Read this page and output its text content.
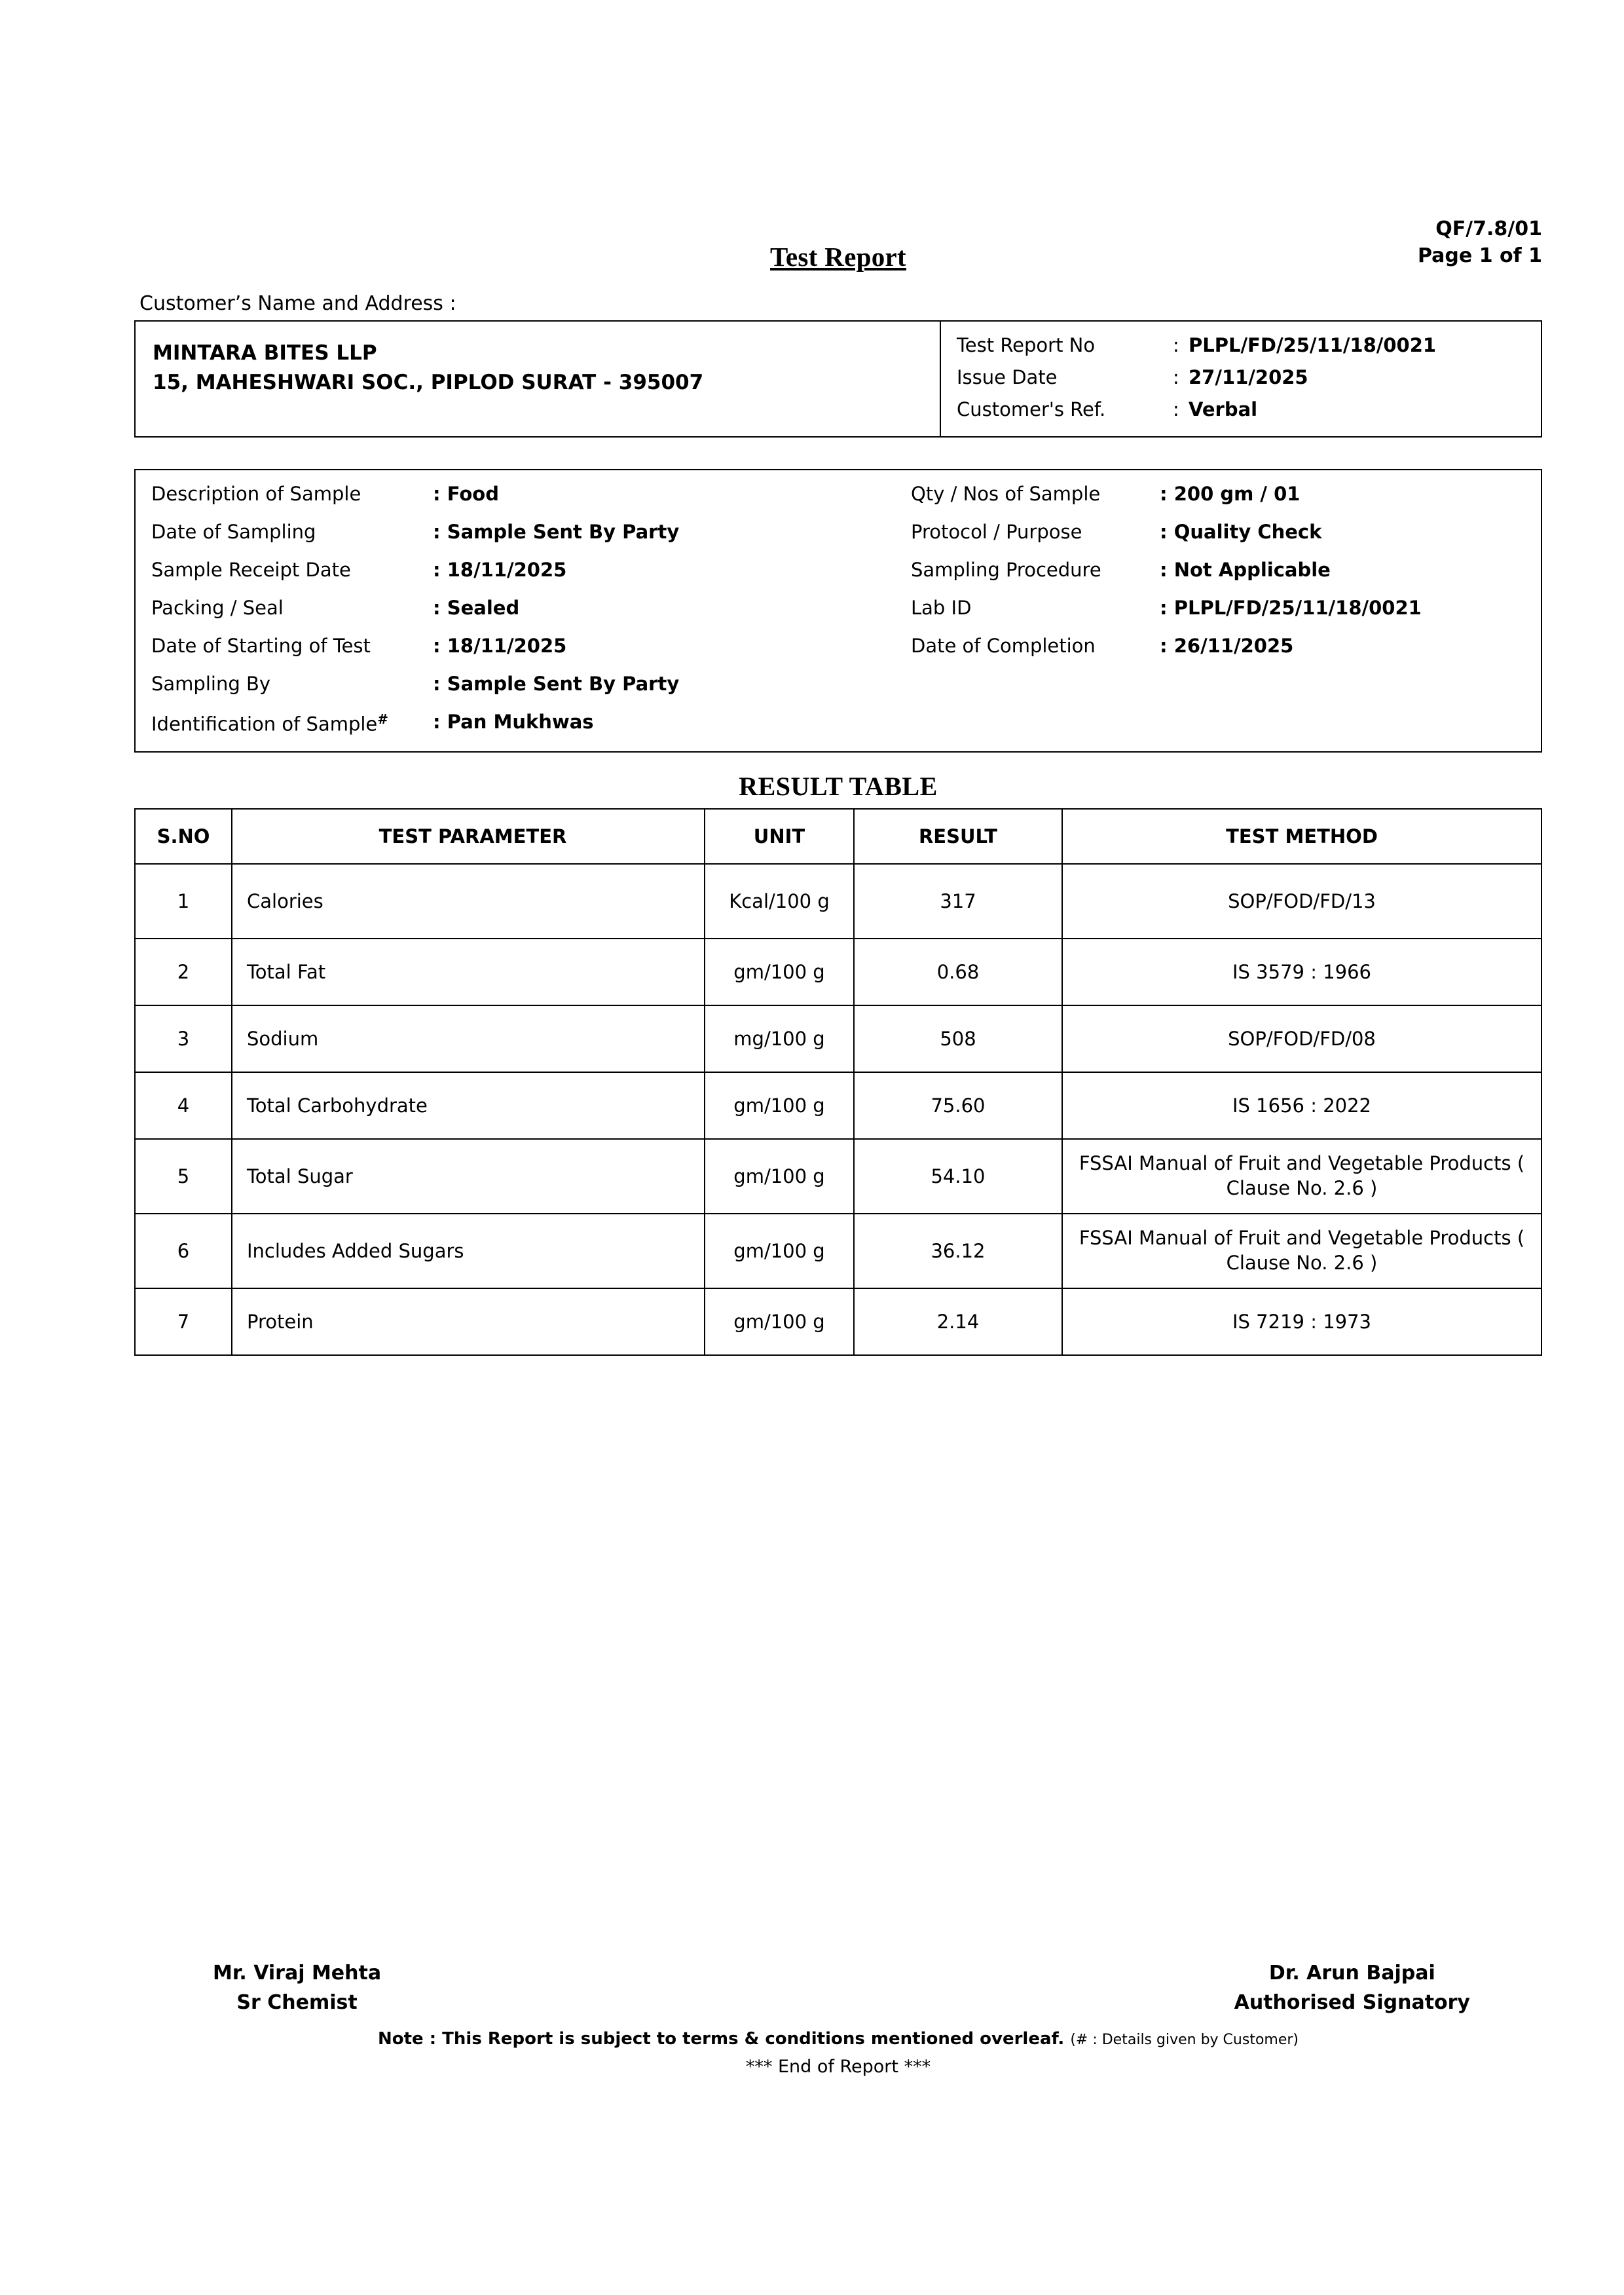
QF/7.8/01
Page 1 of 1
Test Report
Customer’s Name and Address :
MINTARA BITES LLP
15, MAHESHWARI SOC., PIPLOD SURAT - 395007
Test Report No	: PLPL/FD/25/11/18/0021
Issue Date	: 27/11/2025
Customer's Ref.	: Verbal
Description of Sample	: Food	Qty / Nos of Sample	: 200 gm / 01
Date of Sampling	: Sample Sent By Party	Protocol / Purpose	: Quality Check
Sample Receipt Date	: 18/11/2025	Sampling Procedure	: Not Applicable
Packing / Seal	: Sealed	Lab ID	: PLPL/FD/25/11/18/0021
Date of Starting of Test	: 18/11/2025	Date of Completion	: 26/11/2025
Sampling By	: Sample Sent By Party
Identification of Sample#	: Pan Mukhwas
RESULT TABLE
S.NO	TEST PARAMETER	UNIT	RESULT	TEST METHOD
1	Calories	Kcal/100 g	317	SOP/FOD/FD/13
2	Total Fat	gm/100 g	0.68	IS 3579 : 1966
3	Sodium	mg/100 g	508	SOP/FOD/FD/08
4	Total Carbohydrate	gm/100 g	75.60	IS 1656 : 2022
5	Total Sugar	gm/100 g	54.10	FSSAI Manual of Fruit and Vegetable Products ( Clause No. 2.6 )
6	Includes Added Sugars	gm/100 g	36.12	FSSAI Manual of Fruit and Vegetable Products ( Clause No. 2.6 )
7	Protein	gm/100 g	2.14	IS 7219 : 1973
Mr. Viraj Mehta
Sr Chemist
Dr. Arun Bajpai
Authorised Signatory
Note : This Report is subject to terms & conditions mentioned overleaf. (# : Details given by Customer)
*** End of Report ***
